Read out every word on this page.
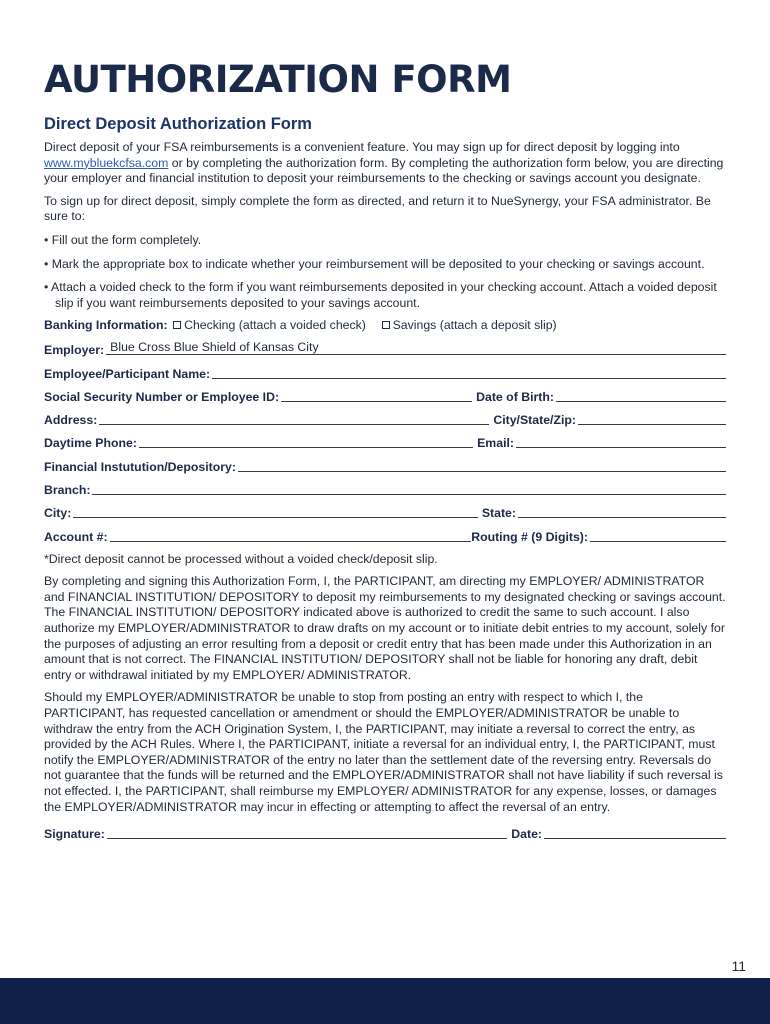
AUTHORIZATION FORM
Direct Deposit Authorization Form

Direct deposit of your FSA reimbursements is a convenient feature. You may sign up for direct deposit by logging into www.mybluekcfsa.com or by completing the authorization form. By completing the authorization form below, you are directing your employer and financial institution to deposit your reimbursements to the checking or savings account you designate.

To sign up for direct deposit, simply complete the form as directed, and return it to NueSynergy, your FSA administrator. Be sure to:

• Fill out the form completely.

• Mark the appropriate box to indicate whether your reimbursement will be deposited to your checking or savings account.

• Attach a voided check to the form if you want reimbursements deposited in your checking account. Attach a voided deposit slip if you want reimbursements deposited to your savings account.

Banking Information: Checking (attach a voided check) Savings (attach a deposit slip)
Employer: Blue Cross Blue Shield of Kansas City
Employee/Participant Name:
Social Security Number or Employee ID:	Date of Birth:
Address:	City/State/Zip:
Daytime Phone:	Email:
Financial Instutution/Depository:
Branch:
City:	State:
Account #:	Routing # (9 Digits):

*Direct deposit cannot be processed without a voided check/deposit slip.

By completing and signing this Authorization Form, I, the PARTICIPANT, am directing my EMPLOYER/ ADMINISTRATOR and FINANCIAL INSTITUTION/ DEPOSITORY to deposit my reimbursements to my designated checking or savings account. The FINANCIAL INSTITUTION/ DEPOSITORY indicated above is authorized to credit the same to such account. I also authorize my EMPLOYER/ADMINISTRATOR to draw drafts on my account or to initiate debit entries to my account, solely for the purposes of adjusting an error resulting from a deposit or credit entry that has been made under this Authorization in an amount that is not correct. The FINANCIAL INSTITUTION/ DEPOSITORY shall not be liable for honoring any draft, debit entry or withdrawal initiated by my EMPLOYER/ ADMINISTRATOR.

Should my EMPLOYER/ADMINISTRATOR be unable to stop from posting an entry with respect to which I, the PARTICIPANT, has requested cancellation or amendment or should the EMPLOYER/ADMINISTRATOR be unable to withdraw the entry from the ACH Origination System, I, the PARTICIPANT, may initiate a reversal to correct the entry, as provided by the ACH Rules. Where I, the PARTICIPANT, initiate a reversal for an individual entry, I, the PARTICIPANT, must notify the EMPLOYER/ADMINISTRATOR of the entry no later than the settlement date of the reversing entry. Reversals do not guarantee that the funds will be returned and the EMPLOYER/ADMINISTRATOR shall not have liability if such reversal is not effected. I, the PARTICIPANT, shall reimburse my EMPLOYER/ ADMINISTRATOR for any expense, losses, or damages the EMPLOYER/ADMINISTRATOR may incur in effecting or attempting to affect the reversal of an entry.

Signature:	Date:
11
